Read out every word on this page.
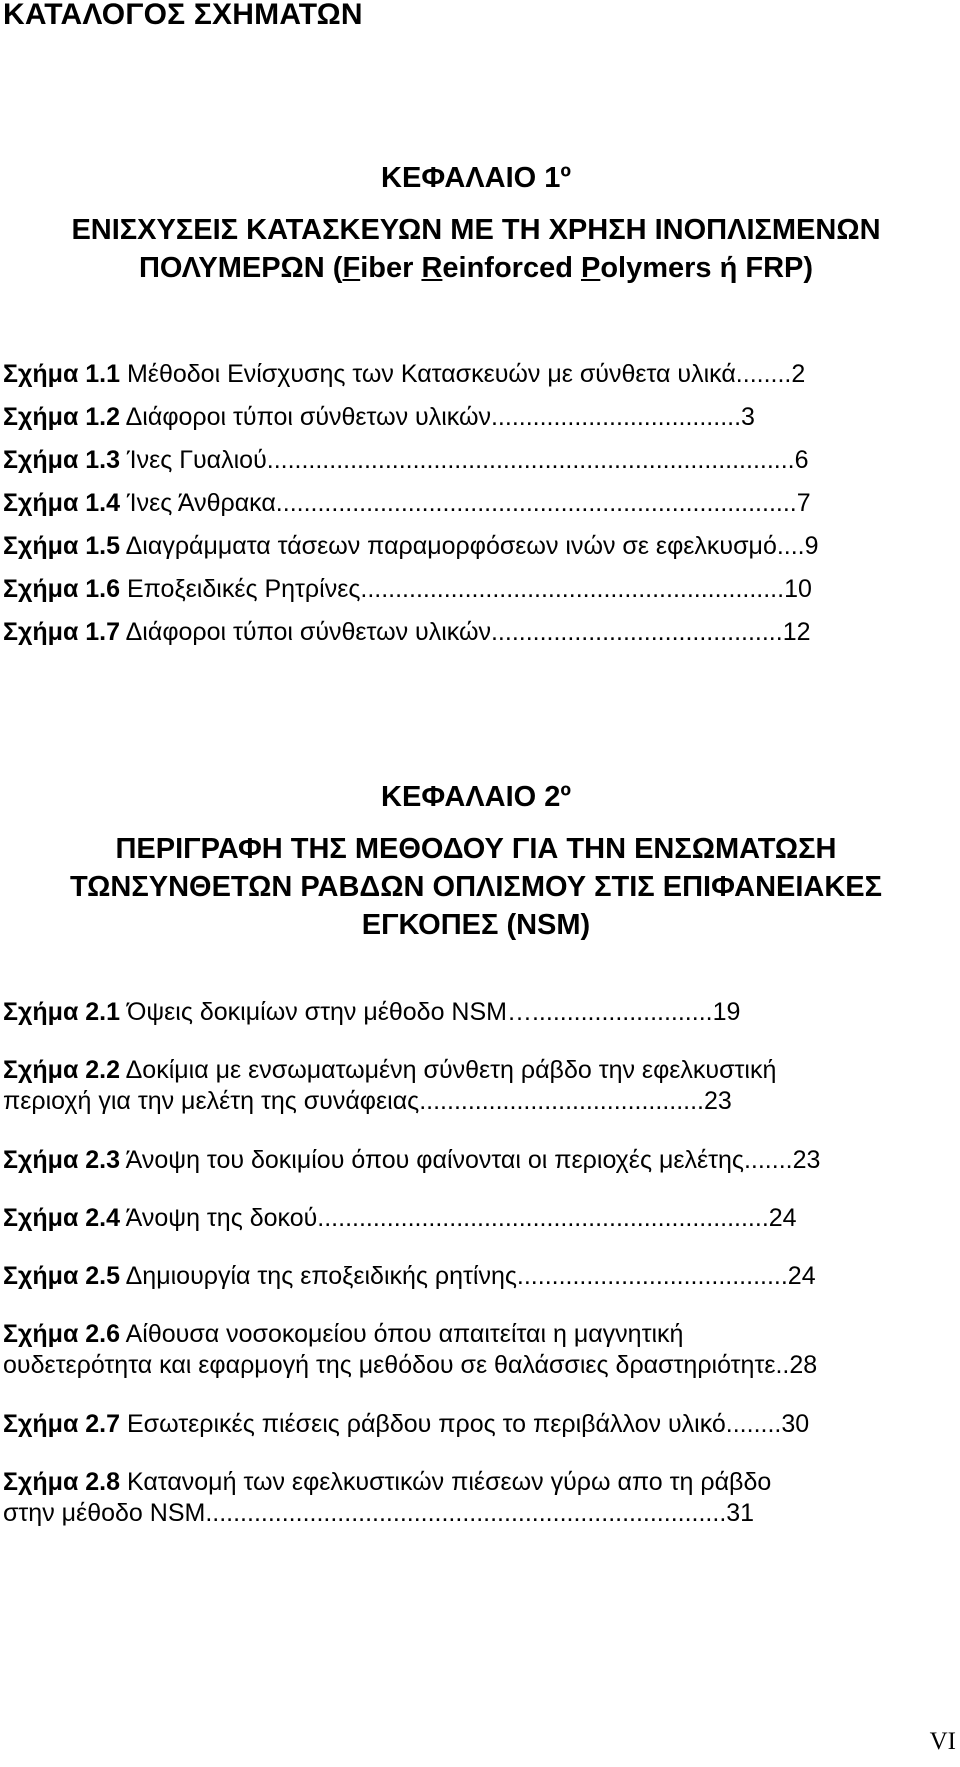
ΚΑΤΑΛΟΓΟΣ ΣΧΗΜΑΤΩΝ
ΚΕΦΑΛΑΙΟ 1º
ΕΝΙΣΧΥΣΕΙΣ ΚΑΤΑΣΚΕΥΩΝ ΜΕ ΤΗ ΧΡΗΣΗ ΙΝΟΠΛΙΣΜΕΝΩΝ
ΠΟΛΥΜΕΡΩΝ (Fiber Reinforced Polymers ή FRP)
Σχήμα 1.1 Μέθοδοι Ενίσχυσης των Κατασκευών με σύνθετα υλικά........2
Σχήμα 1.2 Διάφοροι τύποι σύνθετων υλικών....................................3
Σχήμα 1.3 Ίνες Γυαλιού............................................................................6
Σχήμα 1.4 Ίνες Άνθρακα...........................................................................7
Σχήμα 1.5 Διαγράμματα τάσεων παραμορφόσεων ινών σε εφελκυσμό....9
Σχήμα 1.6 Εποξειδικές Ρητρίνες.............................................................10
Σχήμα 1.7 Διάφοροι τύποι σύνθετων υλικών..........................................12
ΚΕΦΑΛΑΙΟ 2º
ΠΕΡΙΓΡΑΦΗ ΤΗΣ ΜΕΘΟΔΟΥ ΓΙΑ ΤΗΝ ΕΝΣΩΜΑΤΩΣΗ
ΤΩΝΣΥΝΘΕΤΩΝ ΡΑΒΔΩΝ ΟΠΛΙΣΜΟΥ ΣΤΙΣ ΕΠΙΦΑΝΕΙΑΚΕΣ
ΕΓΚΟΠΕΣ (NSM)
Σχήμα 2.1 Όψεις δοκιμίων στην μέθοδο NSM…..........................19
Σχήμα 2.2 Δοκίμια με ενσωματωμένη σύνθετη ράβδο την εφελκυστική
περιοχή για την μελέτη της συνάφειας.........................................23
Σχήμα 2.3 Άνοψη του δοκιμίου όπου φαίνονται οι περιοχές μελέτης.......23
Σχήμα 2.4 Άνοψη της δοκού.................................................................24
Σχήμα 2.5 Δημιουργία της εποξειδικής ρητίνης.......................................24
Σχήμα 2.6 Αίθουσα νοσοκομείου όπου απαιτείται η μαγνητική
ουδετερότητα και εφαρμογή της μεθόδου σε θαλάσσιες δραστηριότητε..28
Σχήμα 2.7 Εσωτερικές πιέσεις ράβδου προς το περιβάλλον υλικό........30
Σχήμα 2.8 Κατανομή των εφελκυστικών πιέσεων γύρω απο τη ράβδο
στην μέθοδο NSM...........................................................................31
VI
